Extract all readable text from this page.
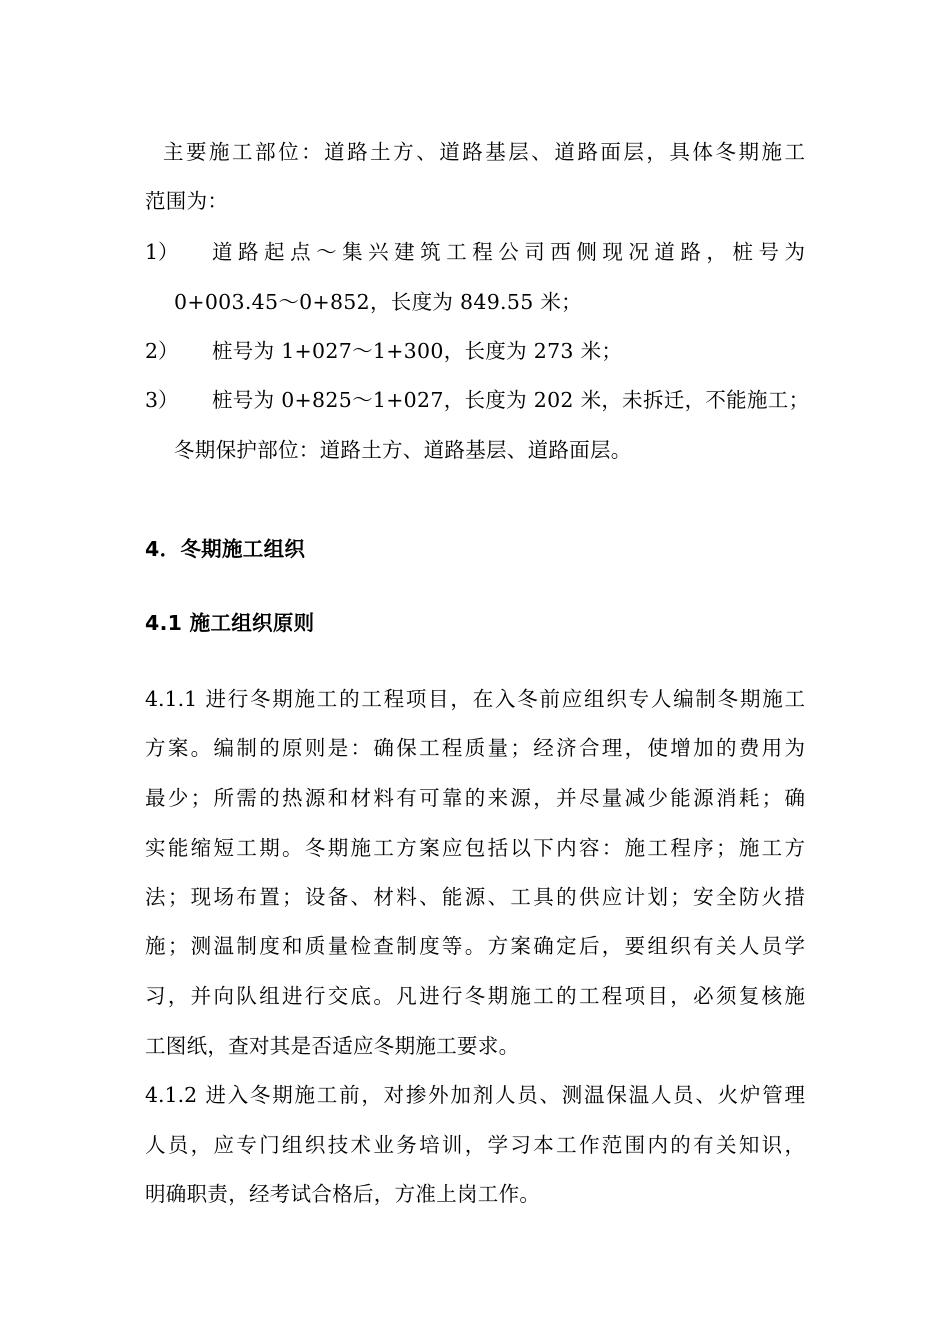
主要施工部位：道路土方、道路基层、道路面层，具体冬期施工
范围为：
1） 道路起点～集兴建筑工程公司西侧现况道路，桩号为
0+003.45～0+852，长度为 849.55 米；
2） 桩号为 1+027～1+300，长度为 273 米；
3） 桩号为 0+825～1+027，长度为 202 米，未拆迁，不能施工；
冬期保护部位：道路土方、道路基层、道路面层。
4．冬期施工组织
4.1 施工组织原则
4.1.1 进行冬期施工的工程项目，在入冬前应组织专人编制冬期施工
方案。编制的原则是：确保工程质量；经济合理，使增加的费用为
最少；所需的热源和材料有可靠的来源，并尽量减少能源消耗；确
实能缩短工期。冬期施工方案应包括以下内容：施工程序；施工方
法；现场布置；设备、材料、能源、工具的供应计划；安全防火措
施；测温制度和质量检查制度等。方案确定后，要组织有关人员学
习，并向队组进行交底。凡进行冬期施工的工程项目，必须复核施
工图纸，查对其是否适应冬期施工要求。
4.1.2 进入冬期施工前，对掺外加剂人员、测温保温人员、火炉管理
人员，应专门组织技术业务培训，学习本工作范围内的有关知识，
明确职责，经考试合格后，方准上岗工作。
